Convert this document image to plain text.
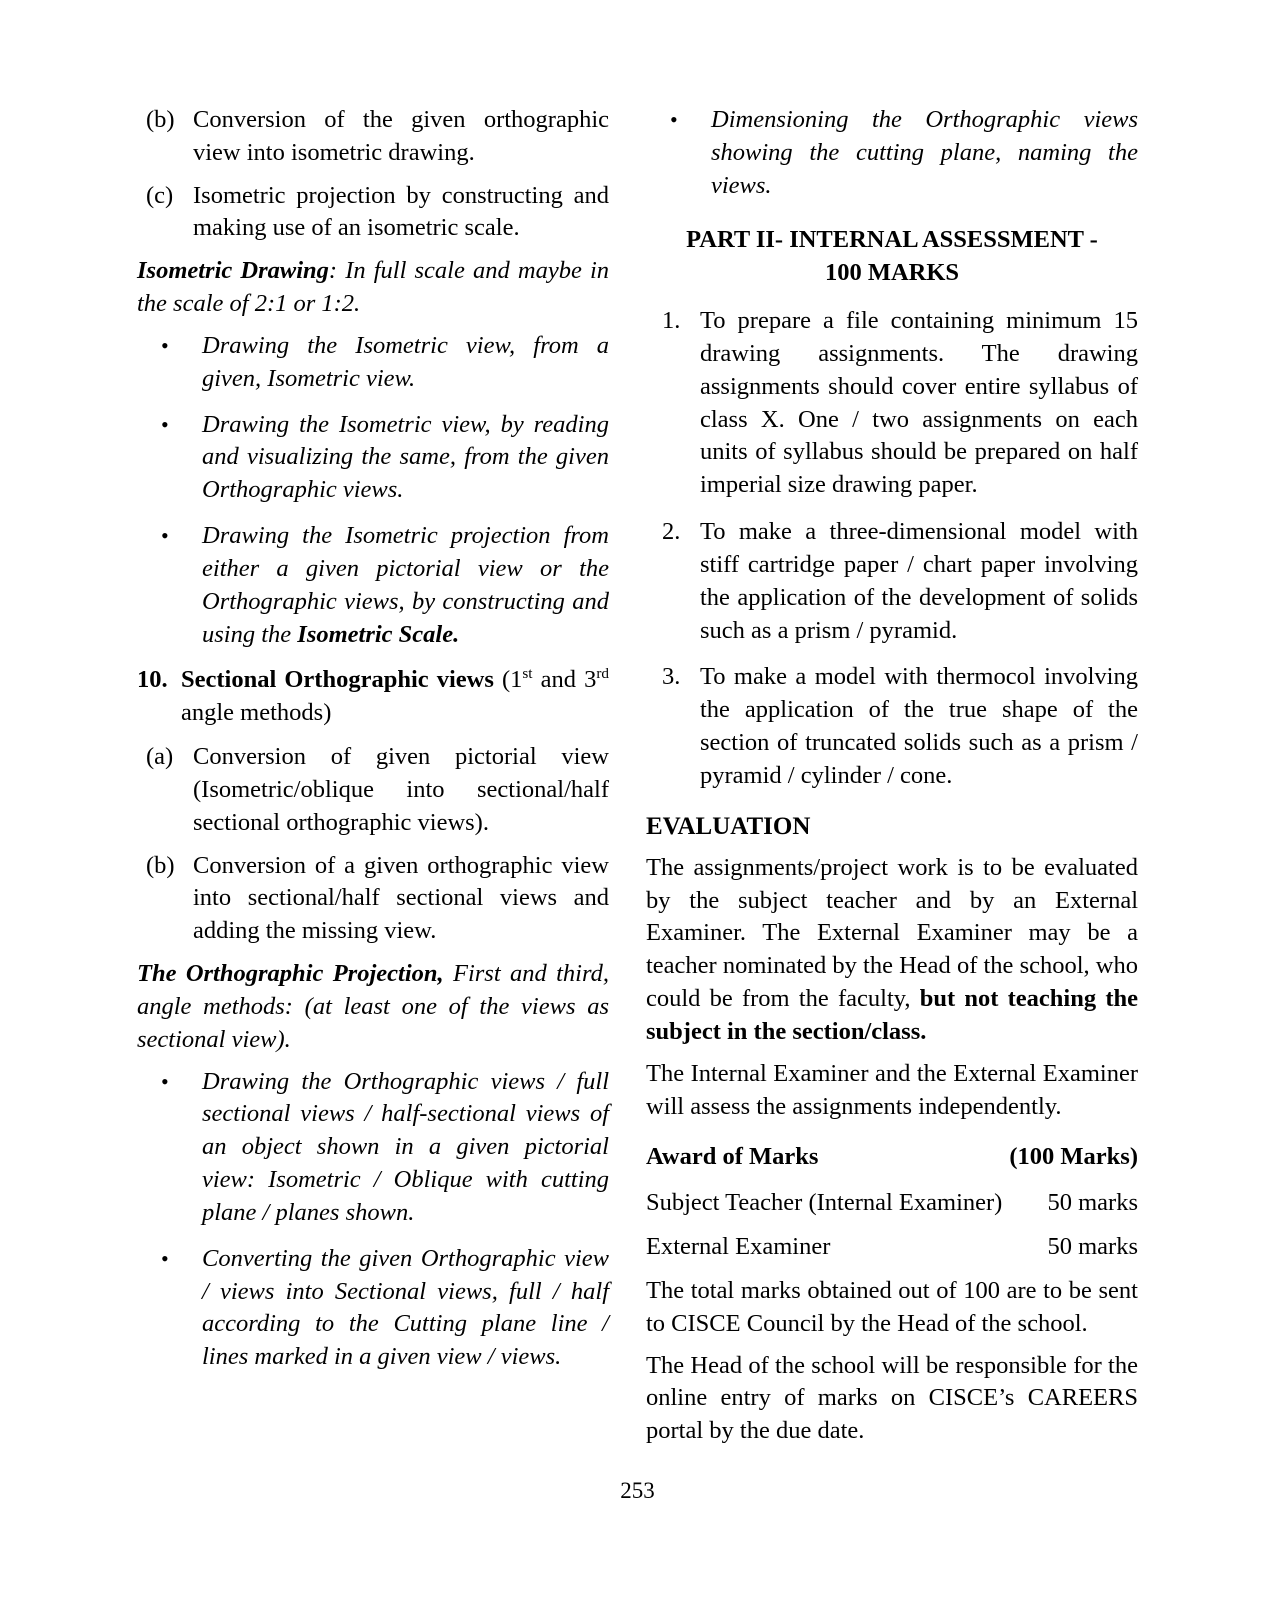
(b) Conversion of the given orthographic view into isometric drawing.
(c) Isometric projection by constructing and making use of an isometric scale.
Isometric Drawing: In full scale and maybe in the scale of 2:1 or 1:2.
• Drawing the Isometric view, from a given, Isometric view.
• Drawing the Isometric view, by reading and visualizing the same, from the given Orthographic views.
• Drawing the Isometric projection from either a given pictorial view or the Orthographic views, by constructing and using the Isometric Scale.
10. Sectional Orthographic views (1st and 3rd angle methods)
(a) Conversion of given pictorial view (Isometric/oblique into sectional/half sectional orthographic views).
(b) Conversion of a given orthographic view into sectional/half sectional views and adding the missing view.
The Orthographic Projection, First and third, angle methods: (at least one of the views as sectional view).
• Drawing the Orthographic views / full sectional views / half-sectional views of an object shown in a given pictorial view: Isometric / Oblique with cutting plane / planes shown.
• Converting the given Orthographic view / views into Sectional views, full / half according to the Cutting plane line / lines marked in a given view / views.
• Dimensioning the Orthographic views showing the cutting plane, naming the views.
PART II- INTERNAL ASSESSMENT -
100 MARKS
1. To prepare a file containing minimum 15 drawing assignments. The drawing assignments should cover entire syllabus of class X. One / two assignments on each units of syllabus should be prepared on half imperial size drawing paper.
2. To make a three-dimensional model with stiff cartridge paper / chart paper involving the application of the development of solids such as a prism / pyramid.
3. To make a model with thermocol involving the application of the true shape of the section of truncated solids such as a prism / pyramid / cylinder / cone.
EVALUATION
The assignments/project work is to be evaluated by the subject teacher and by an External Examiner. The External Examiner may be a teacher nominated by the Head of the school, who could be from the faculty, but not teaching the subject in the section/class.
The Internal Examiner and the External Examiner will assess the assignments independently.
Award of Marks	(100 Marks)
Subject Teacher (Internal Examiner) 50 marks
External Examiner	50 marks
The total marks obtained out of 100 are to be sent to CISCE Council by the Head of the school.
The Head of the school will be responsible for the online entry of marks on CISCE’s CAREERS portal by the due date.
253
